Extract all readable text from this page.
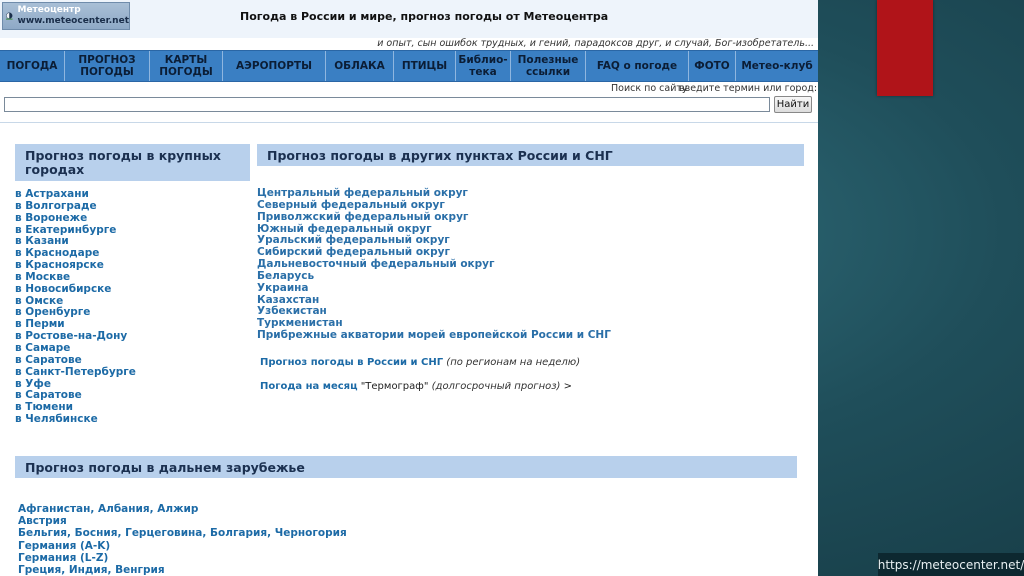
Метеоцентр
www.meteocenter.net	Погода в России и мире, прогноз погоды от Метеоцентра
и опыт, сын ошибок трудных, и гений, парадоксов друг, и случай, Бог-изобретатель...
ПОГОДА	ПРОГНОЗ ПОГОДЫ
КАРТЫ ПОГОДЫ	АЭРОПОРТЫ	ОБЛАКА	ПТИЦЫ	Библио-тека
Полезные ссылки	FAQ о погоде	ФОТО	Метео-клуб
Поиск по сайту
введите термин или город:
Найти
Прогноз погоды в крупных городах
в Астрахани
в Волгограде
в Воронеже
в Екатеринбурге
в Казани
в Краснодаре
в Красноярске
в Москве
в Новосибирске
в Омске
в Оренбурге
в Перми
в Ростове-на-Дону
в Самаре
в Саратове
в Санкт-Петербурге
в Уфе
в Саратове
в Тюмени
в Челябинске
Прогноз погоды в других пунктах России и СНГ
Центральный федеральный округ
Северный федеральный округ
Приволжский федеральный округ
Южный федеральный округ
Уральский федеральный округ
Сибирский федеральный округ
Дальневосточный федеральный округ
Беларусь
Украина
Казахстан
Узбекистан
Туркменистан
Прибрежные акватории морей европейской России и СНГ
Прогноз погоды в России и СНГ (по регионам на неделю)
Погода на месяц "Термограф" (долгосрочный прогноз) >
Прогноз погоды в дальнем зарубежье
Афганистан, Албания, Алжир
Австрия
Бельгия, Босния, Герцеговина, Болгария, Черногория
Германия (A-K)
Германия (L-Z)
Греция, Индия, Венгрия	https://meteocenter.net/
